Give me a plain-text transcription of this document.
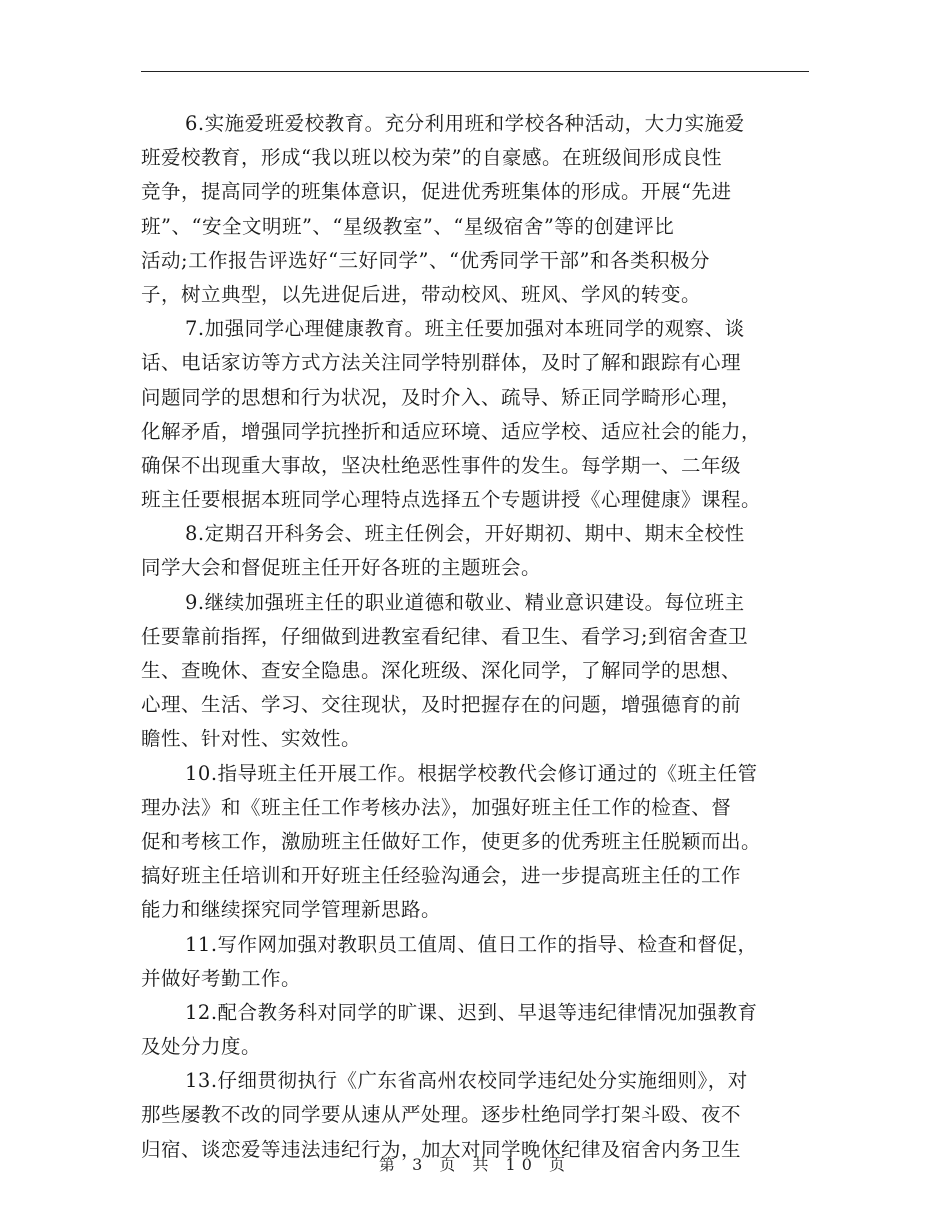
6.实施爱班爱校教育。充分利用班和学校各种活动，大力实施爱
班爱校教育，形成“我以班以校为荣”的自豪感。在班级间形成良性
竞争，提高同学的班集体意识，促进优秀班集体的形成。开展“先进
班”、“安全文明班”、“星级教室”、“星级宿舍”等的创建评比
活动;工作报告评选好“三好同学”、“优秀同学干部”和各类积极分
子，树立典型，以先进促后进，带动校风、班风、学风的转变。
7.加强同学心理健康教育。班主任要加强对本班同学的观察、谈
话、电话家访等方式方法关注同学特别群体，及时了解和跟踪有心理
问题同学的思想和行为状况，及时介入、疏导、矫正同学畸形心理，
化解矛盾，增强同学抗挫折和适应环境、适应学校、适应社会的能力，
确保不出现重大事故，坚决杜绝恶性事件的发生。每学期一、二年级
班主任要根据本班同学心理特点选择五个专题讲授《心理健康》课程。
8.定期召开科务会、班主任例会，开好期初、期中、期末全校性
同学大会和督促班主任开好各班的主题班会。
9.继续加强班主任的职业道德和敬业、精业意识建设。每位班主
任要靠前指挥，仔细做到进教室看纪律、看卫生、看学习;到宿舍查卫
生、查晚休、查安全隐患。深化班级、深化同学，了解同学的思想、
心理、生活、学习、交往现状，及时把握存在的问题，增强德育的前
瞻性、针对性、实效性。
10.指导班主任开展工作。根据学校教代会修订通过的《班主任管
理办法》和《班主任工作考核办法》，加强好班主任工作的检查、督
促和考核工作，激励班主任做好工作，使更多的优秀班主任脱颖而出。
搞好班主任培训和开好班主任经验沟通会，进一步提高班主任的工作
能力和继续探究同学管理新思路。
11.写作网加强对教职员工值周、值日工作的指导、检查和督促，
并做好考勤工作。
12.配合教务科对同学的旷课、迟到、早退等违纪律情况加强教育
及处分力度。
13.仔细贯彻执行《广东省高州农校同学违纪处分实施细则》，对
那些屡教不改的同学要从速从严处理。逐步杜绝同学打架斗殴、夜不
归宿、谈恋爱等违法违纪行为，加大对同学晚休纪律及宿舍内务卫生
第 3 页 共 10 页
